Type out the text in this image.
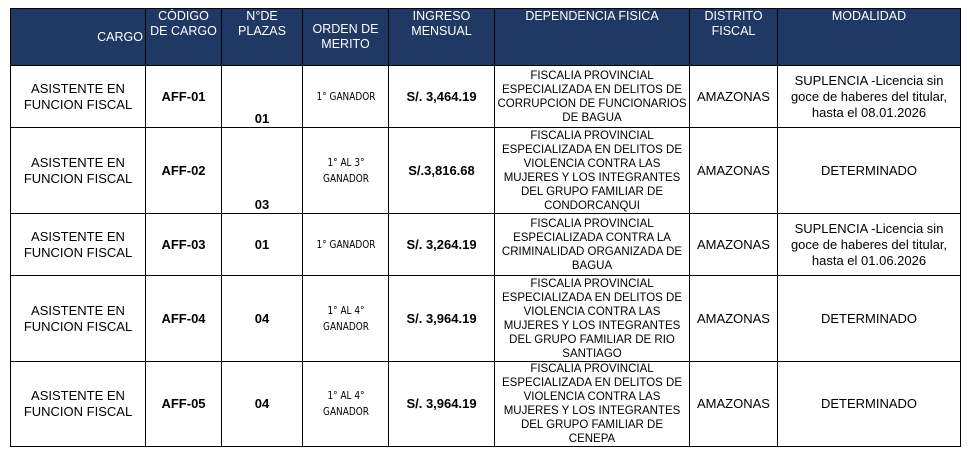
CARGO	CÓDIGO DE CARGO	N°DE PLAZAS	ORDEN DE MERITO	INGRESO MENSUAL	DEPENDENCIA FISICA	DISTRITO FISCAL	MODALIDAD
ASISTENTE EN FUNCION FISCAL	AFF-01	01	1° GANADOR	S/. 3,464.19	FISCALIA PROVINCIAL ESPECIALIZADA EN DELITOS DE CORRUPCION DE FUNCIONARIOS DE BAGUA	AMAZONAS	SUPLENCIA -Licencia sin goce de haberes del titular, hasta el 08.01.2026
ASISTENTE EN FUNCION FISCAL	AFF-02	03	1° AL 3° GANADOR	S/.3,816.68	FISCALIA PROVINCIAL ESPECIALIZADA EN DELITOS DE VIOLENCIA CONTRA LAS MUJERES Y LOS INTEGRANTES DEL GRUPO FAMILIAR DE CONDORCANQUI	AMAZONAS	DETERMINADO
ASISTENTE EN FUNCION FISCAL	AFF-03	01	1° GANADOR	S/. 3,264.19	FISCALIA PROVINCIAL ESPECIALIZADA CONTRA LA CRIMINALIDAD ORGANIZADA DE BAGUA	AMAZONAS	SUPLENCIA -Licencia sin goce de haberes del titular, hasta el 01.06.2026
ASISTENTE EN FUNCION FISCAL	AFF-04	04	1° AL 4° GANADOR	S/. 3,964.19	FISCALIA PROVINCIAL ESPECIALIZADA EN DELITOS DE VIOLENCIA CONTRA LAS MUJERES Y LOS INTEGRANTES DEL GRUPO FAMILIAR DE RIO SANTIAGO	AMAZONAS	DETERMINADO
ASISTENTE EN FUNCION FISCAL	AFF-05	04	1° AL 4° GANADOR	S/. 3,964.19	FISCALIA PROVINCIAL ESPECIALIZADA EN DELITOS DE VIOLENCIA CONTRA LAS MUJERES Y LOS INTEGRANTES DEL GRUPO FAMILIAR DE CENEPA	AMAZONAS	DETERMINADO
